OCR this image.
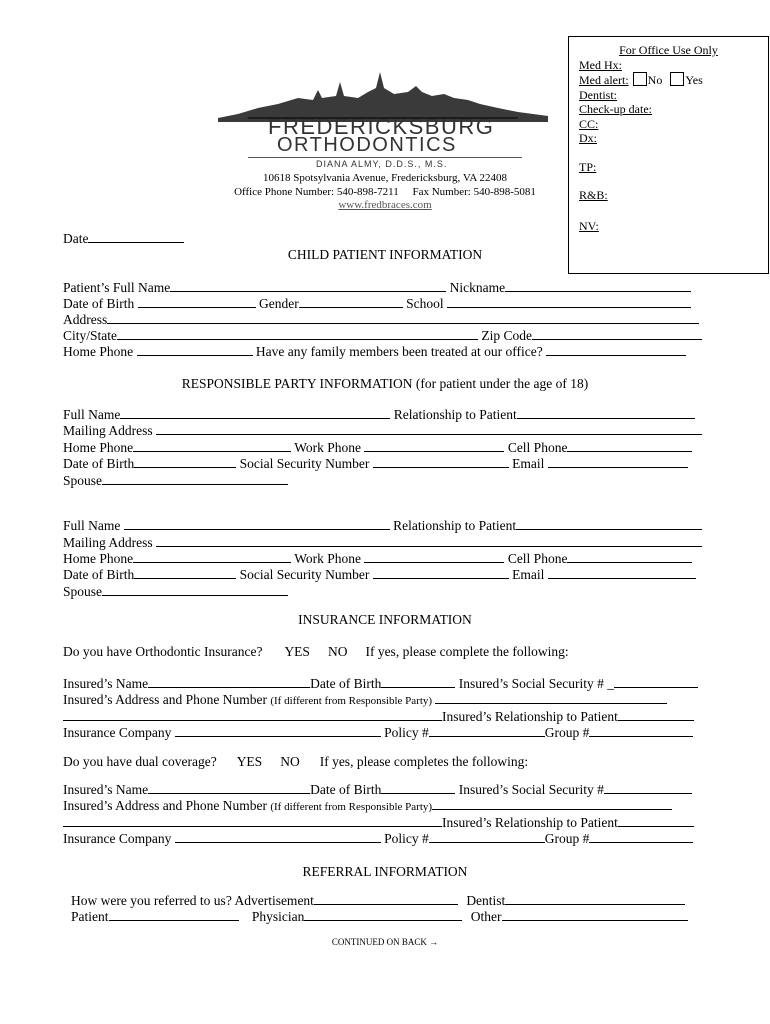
For Office Use Only
Med Hx:
Med alert: No Yes
Dentist:
Check-up date:
CC:
Dx:
TP:
R&B:
NV:
FREDERICKSBURG
ORTHODONTICS
DIANA ALMY, D.D.S., M.S.
10618 Spotsylvania Avenue, Fredericksburg, VA 22408
Office Phone Number: 540-898-7211     Fax Number: 540-898-5081
www.fredbraces.com
Date
CHILD PATIENT INFORMATION
Patient’s Full Name	Nickname
Date of Birth	Gender	School
Address
City/State	Zip Code
Home Phone	Have any family members been treated at our office?
RESPONSIBLE PARTY INFORMATION (for patient under the age of 18)
Full Name	Relationship to Patient
Mailing Address
Home Phone	Work Phone	Cell Phone
Date of Birth	Social Security Number	Email
Spouse
Full Name	Relationship to Patient
Mailing Address
Home Phone	Work Phone	Cell Phone
Date of Birth	Social Security Number	Email
Spouse
INSURANCE INFORMATION
Do you have Orthodontic Insurance? YES NO If yes, please complete the following:
Insured’s Name	Date of Birth	Insured’s Social Security # _
Insured’s Address and Phone Number (If different from Responsible Party)
Insured’s Relationship to Patient
Insurance Company	Policy #	Group #
Do you have dual coverage? YES NO If yes, please completes the following:
Insured’s Name	Date of Birth	Insured’s Social Security #
Insured’s Address and Phone Number (If different from Responsible Party)
Insured’s Relationship to Patient
Insurance Company	Policy #	Group #
REFERRAL INFORMATION
How were you referred to us? Advertisement	Dentist
Patient	Physician	Other
CONTINUED ON BACK →
